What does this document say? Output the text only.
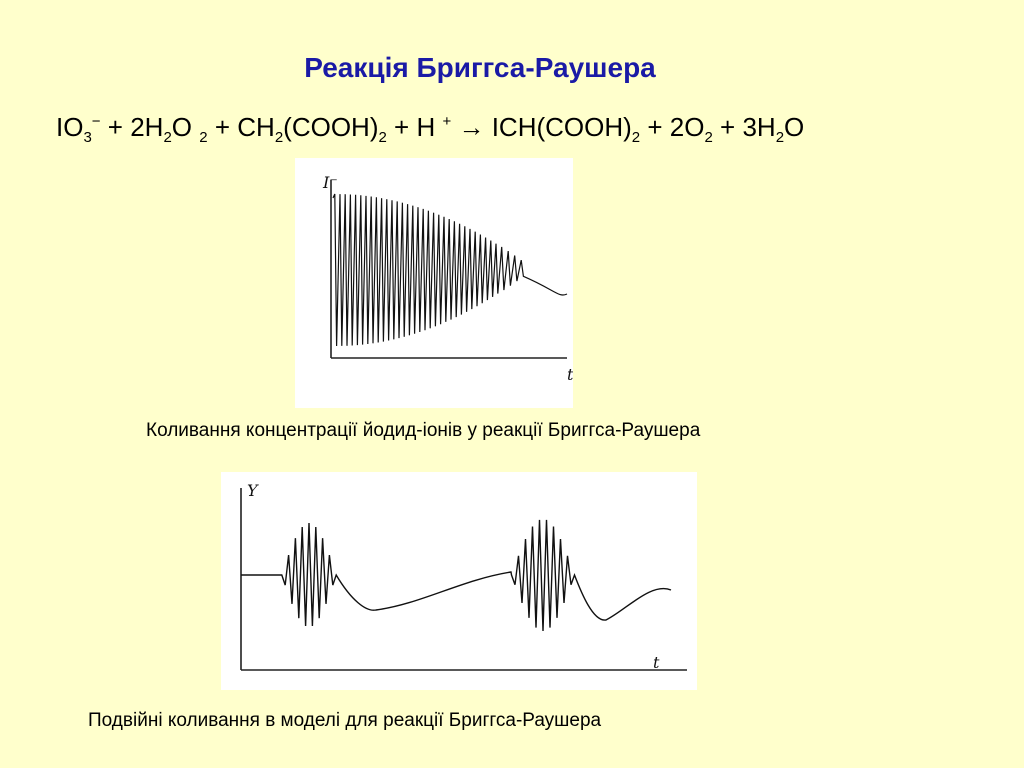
Реакція Бриггса-Раушера
$IO_3^- + 2H_2O$ $_2 + CH_2(COOH)_2 + H$ $^+ \to ICH(COOH)_2 + 2O_2 + 3H_2O$
I⁻
t
Коливання концентрації йодид-іонів у реакції Бриггса-Раушера
Y
t
Подвійні коливання в моделі для реакції Бриггса-Раушера
